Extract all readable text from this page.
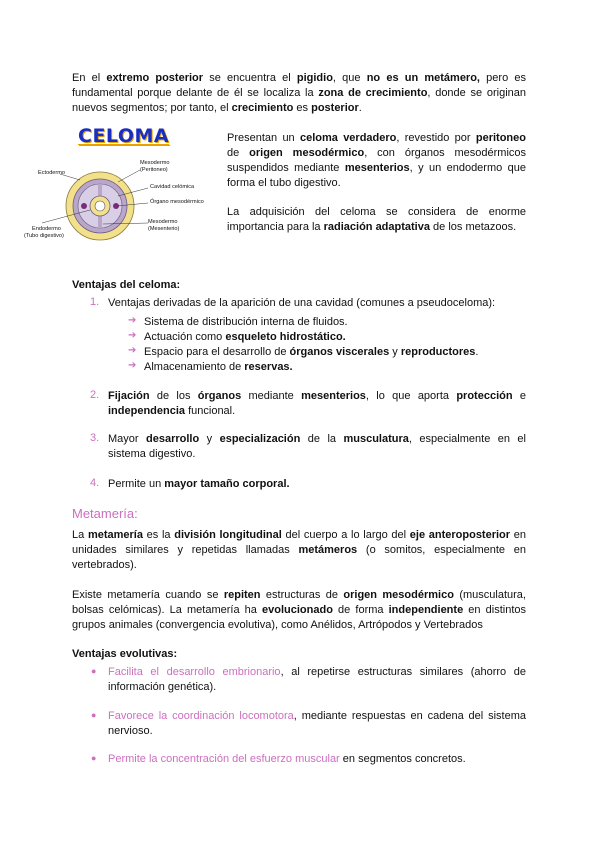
En el extremo posterior se encuentra el pigidio, que no es un metámero, pero es fundamental porque delante de él se localiza la zona de crecimiento, donde se originan nuevos segmentos; por tanto, el crecimiento es posterior.

CELOMA
Ectodermo
Mesodermo
(Peritoneo)
Cavidad celómica
Órgano mesodérmico
Mesodermo
(Mesenterio)
Endodermo
(Tubo digestivo)

Presentan un celoma verdadero, revestido por peritoneo de origen mesodérmico, con órganos mesodérmicos suspendidos mediante mesenterios, y un endodermo que forma el tubo digestivo.

La adquisición del celoma se considera de enorme importancia para la radiación adaptativa de los metazoos.

Ventajas del celoma:
1. Ventajas derivadas de la aparición de una cavidad (comunes a pseudoceloma):

➔ Sistema de distribución interna de fluidos.

➔ Actuación como esqueleto hidrostático.

➔ Espacio para el desarrollo de órganos viscerales y reproductores.

➔ Almacenamiento de reservas.

2. Fijación de los órganos mediante mesenterios, lo que aporta protección e independencia funcional.

3. Mayor desarrollo y especialización de la musculatura, especialmente en el sistema digestivo.

4. Permite un mayor tamaño corporal.

Metamería:

La metamería es la división longitudinal del cuerpo a lo largo del eje anteroposterior en unidades similares y repetidas llamadas metámeros (o somitos, especialmente en vertebrados).

Existe metamería cuando se repiten estructuras de origen mesodérmico (musculatura, bolsas celómicas). La metamería ha evolucionado de forma independiente en distintos grupos animales (convergencia evolutiva), como Anélidos, Artrópodos y Vertebrados

Ventajas evolutivas:
● Facilita el desarrollo embrionario, al repetirse estructuras similares (ahorro de información genética).

● Favorece la coordinación locomotora, mediante respuestas en cadena del sistema nervioso.

● Permite la concentración del esfuerzo muscular en segmentos concretos.
